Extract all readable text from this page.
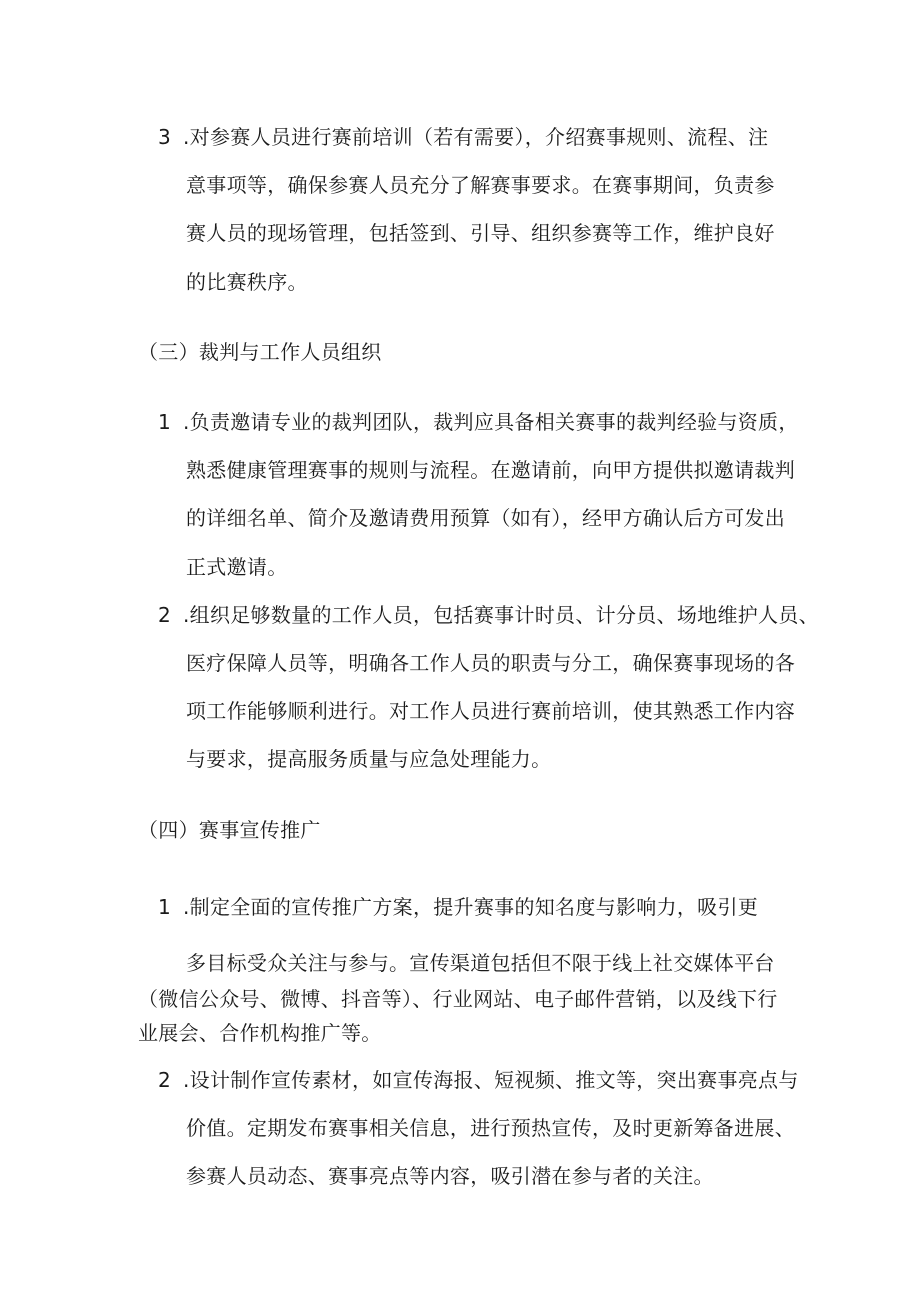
3 .对参赛人员进行赛前培训（若有需要），介绍赛事规则、流程、注
意事项等，确保参赛人员充分了解赛事要求。在赛事期间，负责参
赛人员的现场管理，包括签到、引导、组织参赛等工作，维护良好
的比赛秩序。
（三）裁判与工作人员组织
1 .负责邀请专业的裁判团队，裁判应具备相关赛事的裁判经验与资质，
熟悉健康管理赛事的规则与流程。在邀请前，向甲方提供拟邀请裁判
的详细名单、简介及邀请费用预算（如有），经甲方确认后方可发出
正式邀请。
2 .组织足够数量的工作人员，包括赛事计时员、计分员、场地维护人员、
医疗保障人员等，明确各工作人员的职责与分工，确保赛事现场的各
项工作能够顺利进行。对工作人员进行赛前培训，使其熟悉工作内容
与要求，提高服务质量与应急处理能力。
（四）赛事宣传推广
1 .制定全面的宣传推广方案，提升赛事的知名度与影响力，吸引更
多目标受众关注与参与。宣传渠道包括但不限于线上社交媒体平台
（微信公众号、微博、抖音等）、行业网站、电子邮件营销，以及线下行
业展会、合作机构推广等。
2 .设计制作宣传素材，如宣传海报、短视频、推文等，突出赛事亮点与
价值。定期发布赛事相关信息，进行预热宣传，及时更新筹备进展、
参赛人员动态、赛事亮点等内容，吸引潜在参与者的关注。
